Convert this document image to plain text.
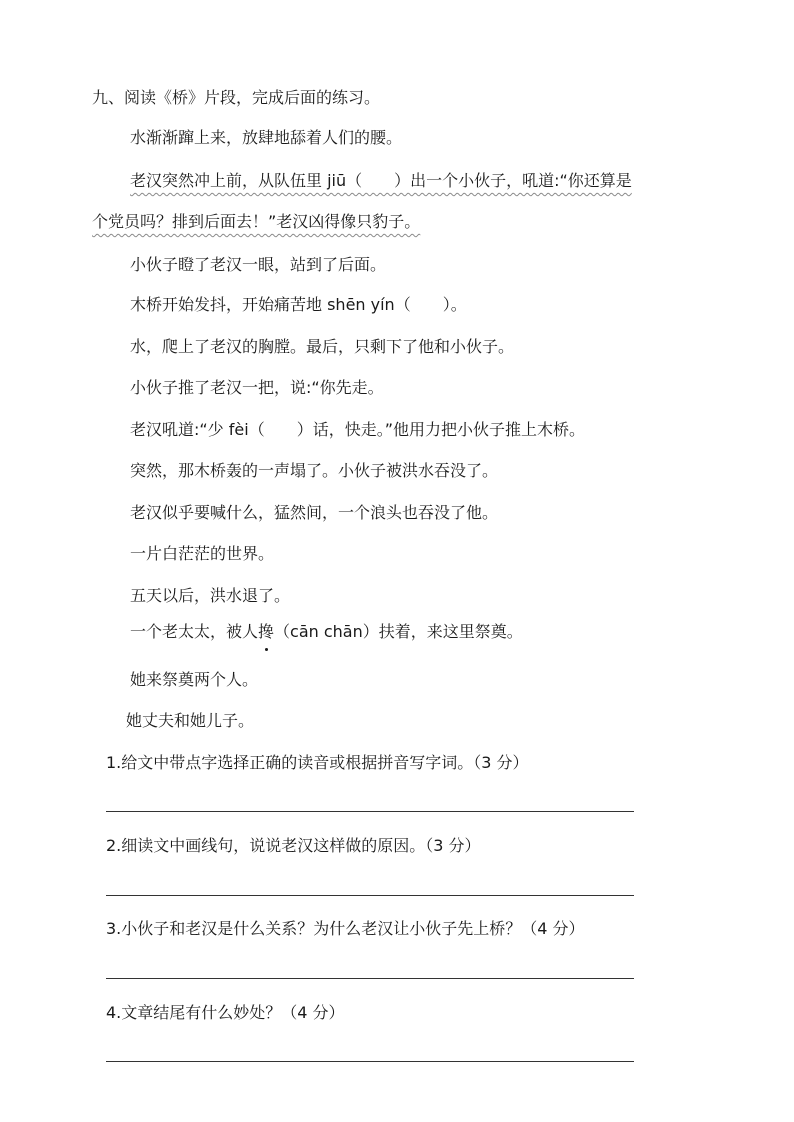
九、阅读《桥》片段，完成后面的练习。
水渐渐蹿上来，放肆地舔着人们的腰。
老汉突然冲上前，从队伍里 jiū（　　）出一个小伙子，吼道:“你还算是
个党员吗？排到后面去！”老汉凶得像只豹子。
小伙子瞪了老汉一眼，站到了后面。
木桥开始发抖，开始痛苦地 shēn yín（　　）。
水，爬上了老汉的胸膛。最后，只剩下了他和小伙子。
小伙子推了老汉一把，说:“你先走。
老汉吼道:“少 fèi（　　）话，快走。”他用力把小伙子推上木桥。
突然，那木桥轰的一声塌了。小伙子被洪水吞没了。
老汉似乎要喊什么，猛然间，一个浪头也吞没了他。
一片白茫茫的世界。
五天以后，洪水退了。
一个老太太，被人搀（cān chān）扶着，来这里祭奠。
她来祭奠两个人。
她丈夫和她儿子。
1.给文中带点字选择正确的读音或根据拼音写字词。（3 分）
2.细读文中画线句，说说老汉这样做的原因。（3 分）
3.小伙子和老汉是什么关系？为什么老汉让小伙子先上桥？（4 分）
4.文章结尾有什么妙处？（4 分）
